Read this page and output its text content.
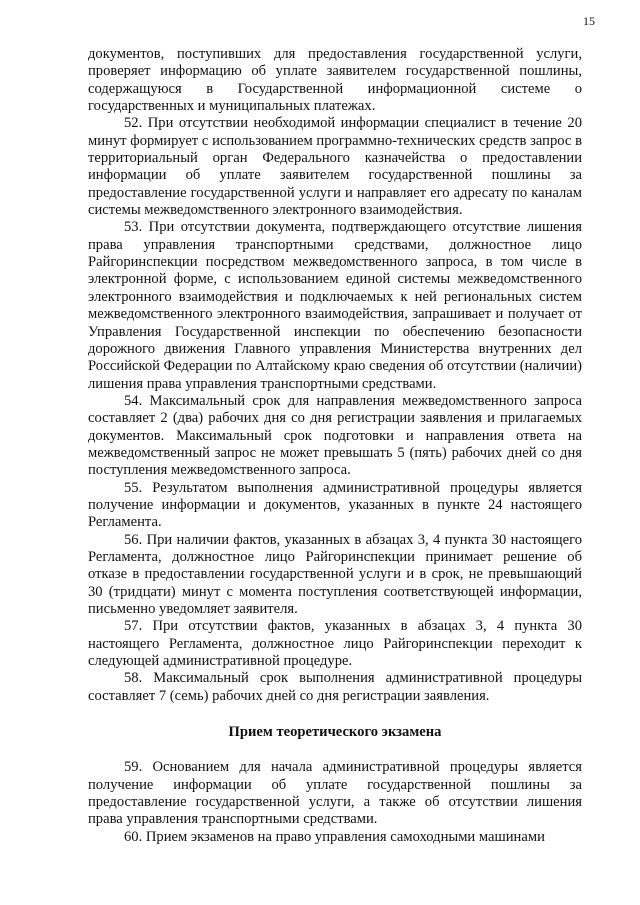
15

документов, поступивших для предоставления государственной услуги, проверяет информацию об уплате заявителем государственной пошлины, содержащуюся в Государственной информационной системе о государственных и муниципальных платежах.

52. При отсутствии необходимой информации специалист в течение 20 минут формирует с использованием программно-технических средств запрос в территориальный орган Федерального казначейства о предоставлении информации об уплате заявителем государственной пошлины за предоставление государственной услуги и направляет его адресату по каналам системы межведомственного электронного взаимодействия.

53. При отсутствии документа, подтверждающего отсутствие лишения права управления транспортными средствами, должностное лицо Райгоринспекции посредством межведомственного запроса, в том числе в электронной форме, с использованием единой системы межведомственного электронного взаимодействия и подключаемых к ней региональных систем межведомственного электронного взаимодействия, запрашивает и получает от Управления Государственной инспекции по обеспечению безопасности дорожного движения Главного управления Министерства внутренних дел Российской Федерации по Алтайскому краю сведения об отсутствии (наличии) лишения права управления транспортными средствами.

54. Максимальный срок для направления межведомственного запроса составляет 2 (два) рабочих дня со дня регистрации заявления и прилагаемых документов. Максимальный срок подготовки и направления ответа на межведомственный запрос не может превышать 5 (пять) рабочих дней со дня поступления межведомственного запроса.

55. Результатом выполнения административной процедуры является получение информации и документов, указанных в пункте 24 настоящего Регламента.

56. При наличии фактов, указанных в абзацах 3, 4 пункта 30 настоящего Регламента, должностное лицо Райгоринспекции принимает решение об отказе в предоставлении государственной услуги и в срок, не превышающий 30 (тридцати) минут с момента поступления соответствующей информации, письменно уведомляет заявителя.

57. При отсутствии фактов, указанных в абзацах 3, 4 пункта 30 настоящего Регламента, должностное лицо Райгоринспекции переходит к следующей административной процедуре.

58. Максимальный срок выполнения административной процедуры составляет 7 (семь) рабочих дней со дня регистрации заявления.

Прием теоретического экзамена

59. Основанием для начала административной процедуры является получение информации об уплате государственной пошлины за предоставление государственной услуги, а также об отсутствии лишения права управления транспортными средствами.

60. Прием экзаменов на право управления самоходными машинами
